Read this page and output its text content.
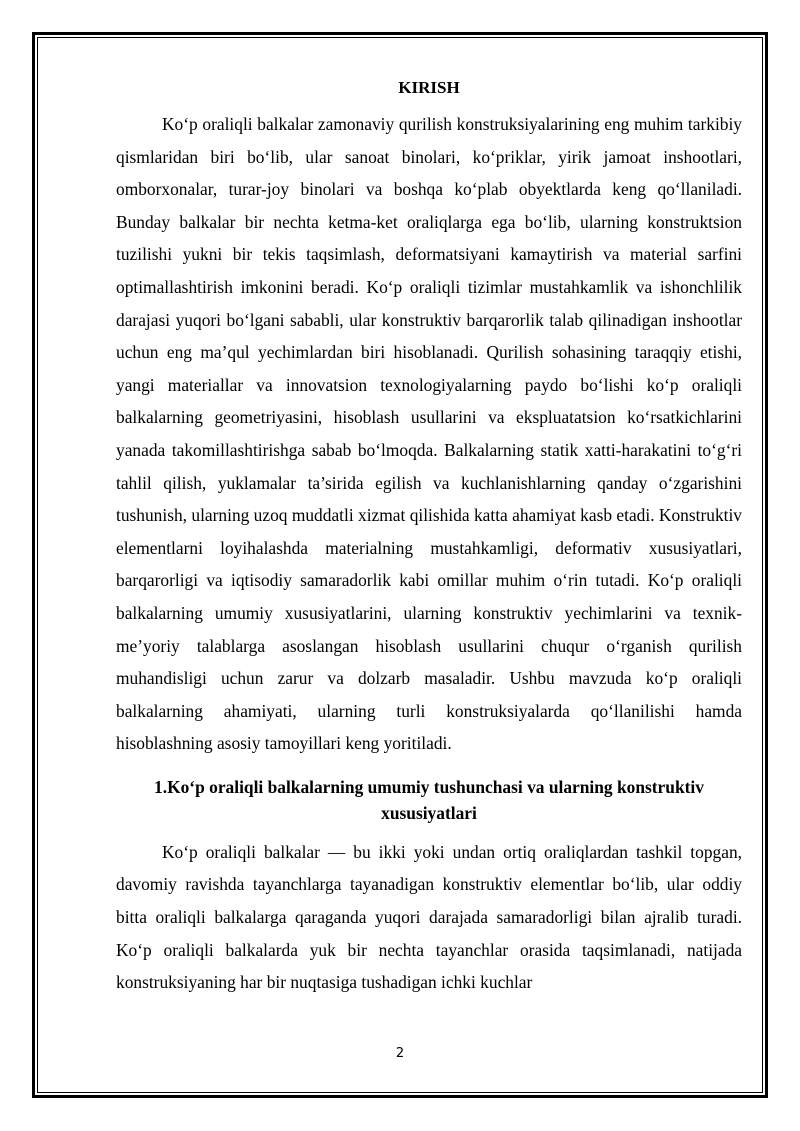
KIRISH

Ko‘p oraliqli balkalar zamonaviy qurilish konstruksiyalarining eng muhim tarkibiy qismlaridan biri bo‘lib, ular sanoat binolari, ko‘priklar, yirik jamoat inshootlari, omborxonalar, turar-joy binolari va boshqa ko‘plab obyektlarda keng qo‘llaniladi. Bunday balkalar bir nechta ketma-ket oraliqlarga ega bo‘lib, ularning konstruktsion tuzilishi yukni bir tekis taqsimlash, deformatsiyani kamaytirish va material sarfini optimallashtirish imkonini beradi. Ko‘p oraliqli tizimlar mustahkamlik va ishonchlilik darajasi yuqori bo‘lgani sababli, ular konstruktiv barqarorlik talab qilinadigan inshootlar uchun eng ma’qul yechimlardan biri hisoblanadi. Qurilish sohasining taraqqiy etishi, yangi materiallar va innovatsion texnologiyalarning paydo bo‘lishi ko‘p oraliqli balkalarning geometriyasini, hisoblash usullarini va ekspluatatsion ko‘rsatkichlarini yanada takomillashtirishga sabab bo‘lmoqda. Balkalarning statik xatti-harakatini to‘g‘ri tahlil qilish, yuklamalar ta’sirida egilish va kuchlanishlarning qanday o‘zgarishini tushunish, ularning uzoq muddatli xizmat qilishida katta ahamiyat kasb etadi. Konstruktiv elementlarni loyihalashda materialning mustahkamligi, deformativ xususiyatlari, barqarorligi va iqtisodiy samaradorlik kabi omillar muhim o‘rin tutadi. Ko‘p oraliqli balkalarning umumiy xususiyatlarini, ularning konstruktiv yechimlarini va texnik-me’yoriy talablarga asoslangan hisoblash usullarini chuqur o‘rganish qurilish muhandisligi uchun zarur va dolzarb masaladir. Ushbu mavzuda ko‘p oraliqli balkalarning ahamiyati, ularning turli konstruksiyalarda qo‘llanilishi hamda hisoblashning asosiy tamoyillari keng yoritiladi.

1.Ko‘p oraliqli balkalarning umumiy tushunchasi va ularning konstruktiv
xususiyatlari

Ko‘p oraliqli balkalar — bu ikki yoki undan ortiq oraliqlardan tashkil topgan, davomiy ravishda tayanchlarga tayanadigan konstruktiv elementlar bo‘lib, ular oddiy bitta oraliqli balkalarga qaraganda yuqori darajada samaradorligi bilan ajralib turadi. Ko‘p oraliqli balkalarda yuk bir nechta tayanchlar orasida taqsimlanadi, natijada konstruksiyaning har bir nuqtasiga tushadigan ichki kuchlar

2
